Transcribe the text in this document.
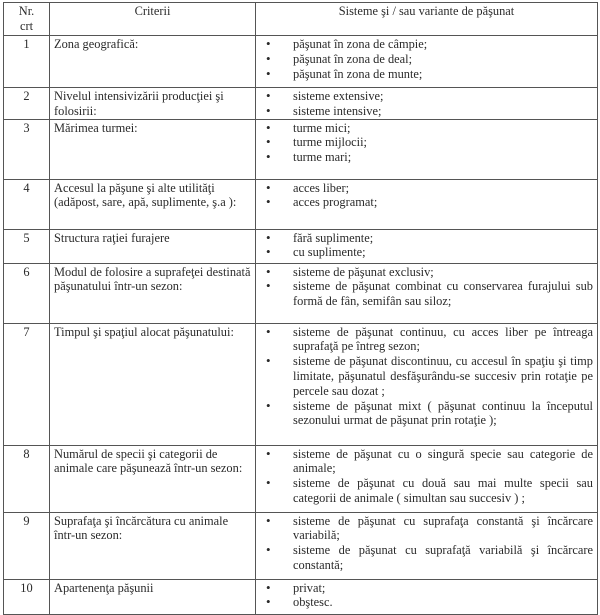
Nr.
crt	Criterii	Sisteme şi / sau variante de păşunat
1	Zona geografică:	
•păşunat în zona de câmpie;
• păşunat în zona de deal;
• păşunat în zona de munte;

2	Nivelul intensivizării producţiei şi folosirii:	
• sisteme extensive;
• sisteme intensive;

3	Mărimea turmei:	
•turme mici;
• turme mijlocii;
• turme mari;

4	Accesul la păşune şi alte utilităţi (adăpost, sare, apă, suplimente, ş.a ):	
• acces liber;
• acces programat;

5	Structura raţiei furajere	
•fără suplimente;
• cu suplimente;

6	Modul de folosire a suprafeţei destinată păşunatului într-un sezon:	
• sisteme de păşunat exclusiv;
• sisteme de păşunat combinat cu conservarea furajului sub formă de fân, semifân sau siloz;

7	Timpul şi spaţiul alocat păşunatului:	
•sisteme de păşunat continuu, cu acces liber pe întreaga suprafaţă pe întreg sezon;
• sisteme de păşunat discontinuu, cu accesul în spaţiu şi timp limitate, păşunatul desfăşurându-se succesiv prin rotaţie pe percele sau dozat ;
• sisteme de păşunat mixt ( păşunat continuu la începutul sezonului urmat de păşunat prin rotaţie );

8	Numărul de specii şi categorii de animale care păşunează într-un sezon:	
• sisteme de păşunat cu o singură specie sau categorie de animale;
• sisteme de păşunat cu două sau mai multe specii sau categorii de animale ( simultan sau succesiv ) ;

9	Suprafaţa şi încărcătura cu animale într-un sezon:	
• sisteme de păşunat cu suprafaţa constantă şi încărcare variabilă;
• sisteme de păşunat cu suprafaţă variabilă şi încărcare constantă;

10	Apartenenţa păşunii	
•privat;
• obştesc.
